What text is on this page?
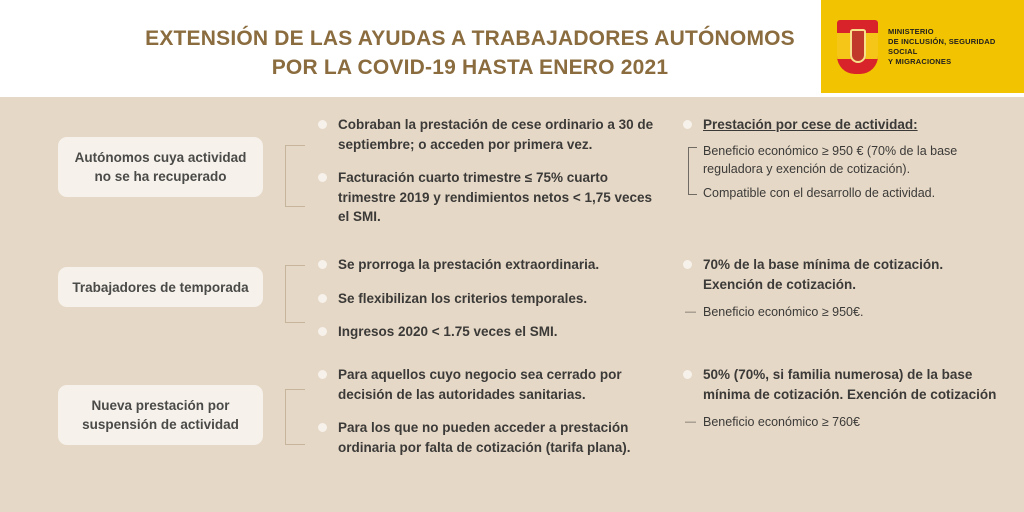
EXTENSIÓN DE LAS AYUDAS A TRABAJADORES AUTÓNOMOS
POR LA COVID-19 HASTA ENERO 2021
MINISTERIO
DE INCLUSIÓN, SEGURIDAD SOCIAL
Y MIGRACIONES
Autónomos cuya actividad no se ha recuperado
Cobraban la prestación de cese ordinario a 30 de septiembre; o acceden por primera vez.
Facturación cuarto trimestre ≤ 75% cuarto trimestre 2019 y rendimientos netos < 1,75 veces el SMI.
Prestación por cese de actividad:
Beneficio económico ≥ 950 € (70% de la base reguladora y exención de cotización).
Compatible con el desarrollo de actividad.
Trabajadores de temporada
Se prorroga la prestación extraordinaria.
Se flexibilizan los criterios temporales.
Ingresos 2020 < 1.75 veces el SMI.
70% de la base mínima de cotización. Exención de cotización.
— Beneficio económico ≥ 950€.
Nueva prestación por suspensión de actividad
Para aquellos cuyo negocio sea cerrado por decisión de las autoridades sanitarias.
Para los que no pueden acceder a prestación ordinaria por falta de cotización (tarifa plana).
50% (70%, si familia numerosa) de la base mínima de cotización. Exención de cotización
— Beneficio económico ≥ 760€
